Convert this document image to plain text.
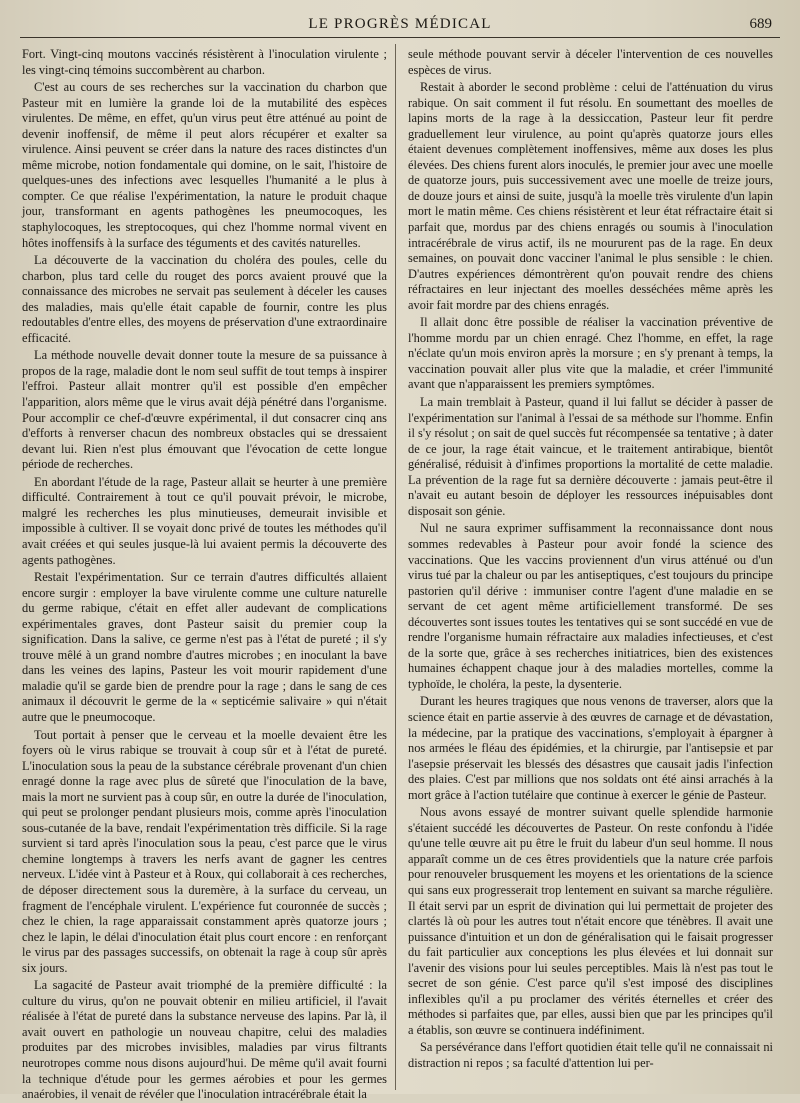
LE PROGRÈS MÉDICAL	689

Fort. Vingt-cinq moutons vaccinés résistèrent à l'inoculation virulente ; les vingt-cinq témoins succombèrent au charbon.

C'est au cours de ses recherches sur la vaccination du charbon que Pasteur mit en lumière la grande loi de la mutabilité des espèces virulentes. De même, en effet, qu'un virus peut être atténué au point de devenir inoffensif, de même il peut alors récupérer et exalter sa virulence. Ainsi peuvent se créer dans la nature des races distinctes d'un même microbe, notion fondamentale qui domine, on le sait, l'histoire de quelques-unes des infections avec lesquelles l'humanité a le plus à compter. Ce que réalise l'expérimentation, la nature le produit chaque jour, transformant en agents pathogènes les pneumocoques, les staphylocoques, les streptocoques, qui chez l'homme normal vivent en hôtes inoffensifs à la surface des téguments et des cavités naturelles.

La découverte de la vaccination du choléra des poules, celle du charbon, plus tard celle du rouget des porcs avaient prouvé que la connaissance des microbes ne servait pas seulement à déceler les causes des maladies, mais qu'elle était capable de fournir, contre les plus redoutables d'entre elles, des moyens de préservation d'une extraordinaire efficacité.

La méthode nouvelle devait donner toute la mesure de sa puissance à propos de la rage, maladie dont le nom seul suffit de tout temps à inspirer l'effroi. Pasteur allait montrer qu'il est possible d'en empêcher l'apparition, alors même que le virus avait déjà pénétré dans l'organisme. Pour accomplir ce chef-d'œuvre expérimental, il dut consacrer cinq ans d'efforts à renverser chacun des nombreux obstacles qui se dressaient devant lui. Rien n'est plus émouvant que l'évocation de cette longue période de recherches.

En abordant l'étude de la rage, Pasteur allait se heurter à une première difficulté. Contrairement à tout ce qu'il pouvait prévoir, le microbe, malgré les recherches les plus minutieuses, demeurait invisible et impossible à cultiver. Il se voyait donc privé de toutes les méthodes qu'il avait créées et qui seules jusque-là lui avaient permis la découverte des agents pathogènes.

Restait l'expérimentation. Sur ce terrain d'autres difficultés allaient encore surgir : employer la bave virulente comme une culture naturelle du germe rabique, c'était en effet aller audevant de complications expérimentales graves, dont Pasteur saisit du premier coup la signification. Dans la salive, ce germe n'est pas à l'état de pureté ; il s'y trouve mêlé à un grand nombre d'autres microbes ; en inoculant la bave dans les veines des lapins, Pasteur les voit mourir rapidement d'une maladie qu'il se garde bien de prendre pour la rage ; dans le sang de ces animaux il découvrit le germe de la « septicémie salivaire » qui n'était autre que le pneumocoque.

Tout portait à penser que le cerveau et la moelle devaient être les foyers où le virus rabique se trouvait à coup sûr et à l'état de pureté. L'inoculation sous la peau de la substance cérébrale provenant d'un chien enragé donne la rage avec plus de sûreté que l'inoculation de la bave, mais la mort ne survient pas à coup sûr, en outre la durée de l'inoculation, qui peut se prolonger pendant plusieurs mois, comme après l'inoculation sous-cutanée de la bave, rendait l'expérimentation très difficile. Si la rage survient si tard après l'inoculation sous la peau, c'est parce que le virus chemine longtemps à travers les nerfs avant de gagner les centres nerveux. L'idée vint à Pasteur et à Roux, qui collaborait à ces recherches, de déposer directement sous la duremère, à la surface du cerveau, un fragment de l'encéphale virulent. L'expérience fut couronnée de succès ; chez le chien, la rage apparaissait constamment après quatorze jours ; chez le lapin, le délai d'inoculation était plus court encore : en renforçant le virus par des passages successifs, on obtenait la rage à coup sûr après six jours.

La sagacité de Pasteur avait triomphé de la première difficulté : la culture du virus, qu'on ne pouvait obtenir en milieu artificiel, il l'avait réalisée à l'état de pureté dans la substance nerveuse des lapins. Par là, il avait ouvert en pathologie un nouveau chapitre, celui des maladies produites par des microbes invisibles, maladies par virus filtrants neurotropes comme nous disons aujourd'hui. De même qu'il avait fourni la technique d'étude pour les germes aérobies et pour les germes anaérobies, il venait de révéler que l'inoculation intracérébrale était la

seule méthode pouvant servir à déceler l'intervention de ces nouvelles espèces de virus.

Restait à aborder le second problème : celui de l'atténuation du virus rabique. On sait comment il fut résolu. En soumettant des moelles de lapins morts de la rage à la dessiccation, Pasteur leur fit perdre graduellement leur virulence, au point qu'après quatorze jours elles étaient devenues complètement inoffensives, même aux doses les plus élevées. Des chiens furent alors inoculés, le premier jour avec une moelle de quatorze jours, puis successivement avec une moelle de treize jours, de douze jours et ainsi de suite, jusqu'à la moelle très virulente d'un lapin mort le matin même. Ces chiens résistèrent et leur état réfractaire était si parfait que, mordus par des chiens enragés ou soumis à l'inoculation intracérébrale de virus actif, ils ne moururent pas de la rage. En deux semaines, on pouvait donc vacciner l'animal le plus sensible : le chien. D'autres expériences démontrèrent qu'on pouvait rendre des chiens réfractaires en leur injectant des moelles desséchées même après les avoir fait mordre par des chiens enragés.

Il allait donc être possible de réaliser la vaccination préventive de l'homme mordu par un chien enragé. Chez l'homme, en effet, la rage n'éclate qu'un mois environ après la morsure ; en s'y prenant à temps, la vaccination pouvait aller plus vite que la maladie, et créer l'immunité avant que n'apparaissent les premiers symptômes.

La main tremblait à Pasteur, quand il lui fallut se décider à passer de l'expérimentation sur l'animal à l'essai de sa méthode sur l'homme. Enfin il s'y résolut ; on sait de quel succès fut récompensée sa tentative ; à dater de ce jour, la rage était vaincue, et le traitement antirabique, bientôt généralisé, réduisit à d'infimes proportions la mortalité de cette maladie. La prévention de la rage fut sa dernière découverte : jamais peut-être il n'avait eu autant besoin de déployer les ressources inépuisables dont disposait son génie.

Nul ne saura exprimer suffisamment la reconnaissance dont nous sommes redevables à Pasteur pour avoir fondé la science des vaccinations. Que les vaccins proviennent d'un virus atténué ou d'un virus tué par la chaleur ou par les antiseptiques, c'est toujours du principe pastorien qu'il dérive : immuniser contre l'agent d'une maladie en se servant de cet agent même artificiellement transformé. De ses découvertes sont issues toutes les tentatives qui se sont succédé en vue de rendre l'organisme humain réfractaire aux maladies infectieuses, et c'est de la sorte que, grâce à ses recherches initiatrices, bien des existences humaines échappent chaque jour à des maladies mortelles, comme la typhoïde, le choléra, la peste, la dysenterie.

Durant les heures tragiques que nous venons de traverser, alors que la science était en partie asservie à des œuvres de carnage et de dévastation, la médecine, par la pratique des vaccinations, s'employait à épargner à nos armées le fléau des épidémies, et la chirurgie, par l'antisepsie et par l'asepsie préservait les blessés des désastres que causait jadis l'infection des plaies. C'est par millions que nos soldats ont été ainsi arrachés à la mort grâce à l'action tutélaire que continue à exercer le génie de Pasteur.

Nous avons essayé de montrer suivant quelle splendide harmonie s'étaient succédé les découvertes de Pasteur. On reste confondu à l'idée qu'une telle œuvre ait pu être le fruit du labeur d'un seul homme. Il nous apparaît comme un de ces êtres providentiels que la nature crée parfois pour renouveler brusquement les moyens et les orientations de la science qui sans eux progresserait trop lentement en suivant sa marche régulière. Il était servi par un esprit de divination qui lui permettait de projeter des clartés là où pour les autres tout n'était encore que ténèbres. Il avait une puissance d'intuition et un don de généralisation qui le faisait progresser du fait particulier aux conceptions les plus élevées et lui donnait sur l'avenir des visions pour lui seules perceptibles. Mais là n'est pas tout le secret de son génie. C'est parce qu'il s'est imposé des disciplines inflexibles qu'il a pu proclamer des vérités éternelles et créer des méthodes si parfaites que, par elles, aussi bien que par les principes qu'il a établis, son œuvre se continuera indéfiniment.

Sa persévérance dans l'effort quotidien était telle qu'il ne connaissait ni distraction ni repos ; sa faculté d'attention lui per-
